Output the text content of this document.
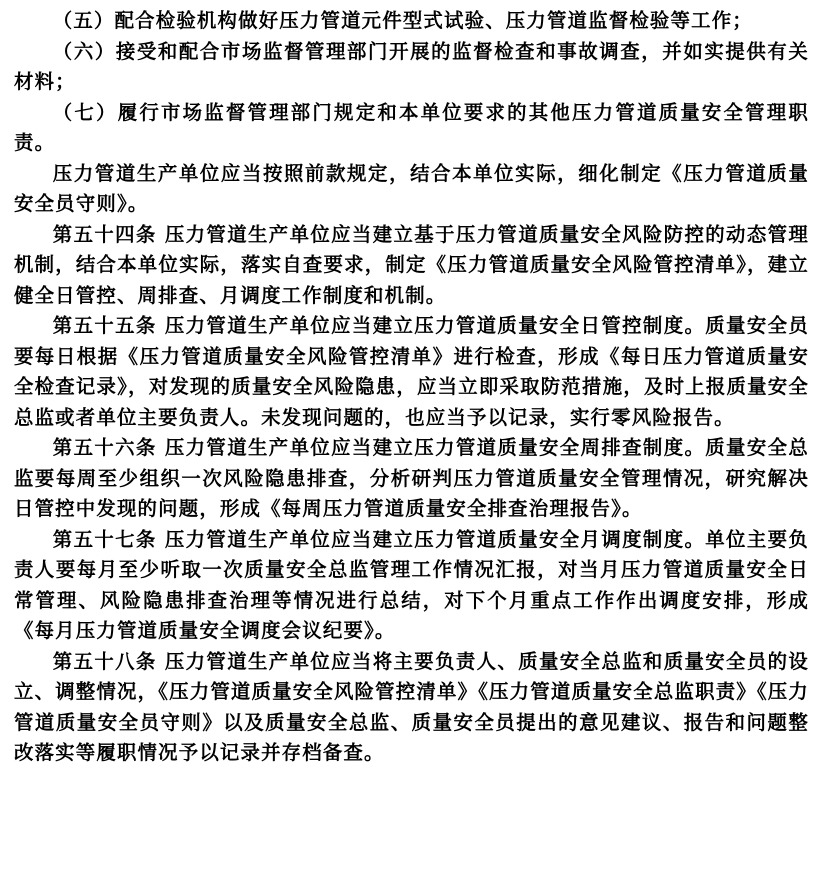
（五）配合检验机构做好压力管道元件型式试验、压力管道监督检验等工作；

（六）接受和配合市场监督管理部门开展的监督检查和事故调查，并如实提供有关材料；

（七）履行市场监督管理部门规定和本单位要求的其他压力管道质量安全管理职责。

压力管道生产单位应当按照前款规定，结合本单位实际，细化制定《压力管道质量安全员守则》。

第五十四条 压力管道生产单位应当建立基于压力管道质量安全风险防控的动态管理机制，结合本单位实际，落实自查要求，制定《压力管道质量安全风险管控清单》，建立健全日管控、周排查、月调度工作制度和机制。

第五十五条 压力管道生产单位应当建立压力管道质量安全日管控制度。质量安全员要每日根据《压力管道质量安全风险管控清单》进行检查，形成《每日压力管道质量安全检查记录》，对发现的质量安全风险隐患，应当立即采取防范措施，及时上报质量安全总监或者单位主要负责人。未发现问题的，也应当予以记录，实行零风险报告。

第五十六条 压力管道生产单位应当建立压力管道质量安全周排查制度。质量安全总监要每周至少组织一次风险隐患排查，分析研判压力管道质量安全管理情况，研究解决日管控中发现的问题，形成《每周压力管道质量安全排查治理报告》。

第五十七条 压力管道生产单位应当建立压力管道质量安全月调度制度。单位主要负责人要每月至少听取一次质量安全总监管理工作情况汇报，对当月压力管道质量安全日常管理、风险隐患排查治理等情况进行总结，对下个月重点工作作出调度安排，形成《每月压力管道质量安全调度会议纪要》。

第五十八条 压力管道生产单位应当将主要负责人、质量安全总监和质量安全员的设立、调整情况，《压力管道质量安全风险管控清单》《压力管道质量安全总监职责》《压力管道质量安全员守则》以及质量安全总监、质量安全员提出的意见建议、报告和问题整改落实等履职情况予以记录并存档备查。
